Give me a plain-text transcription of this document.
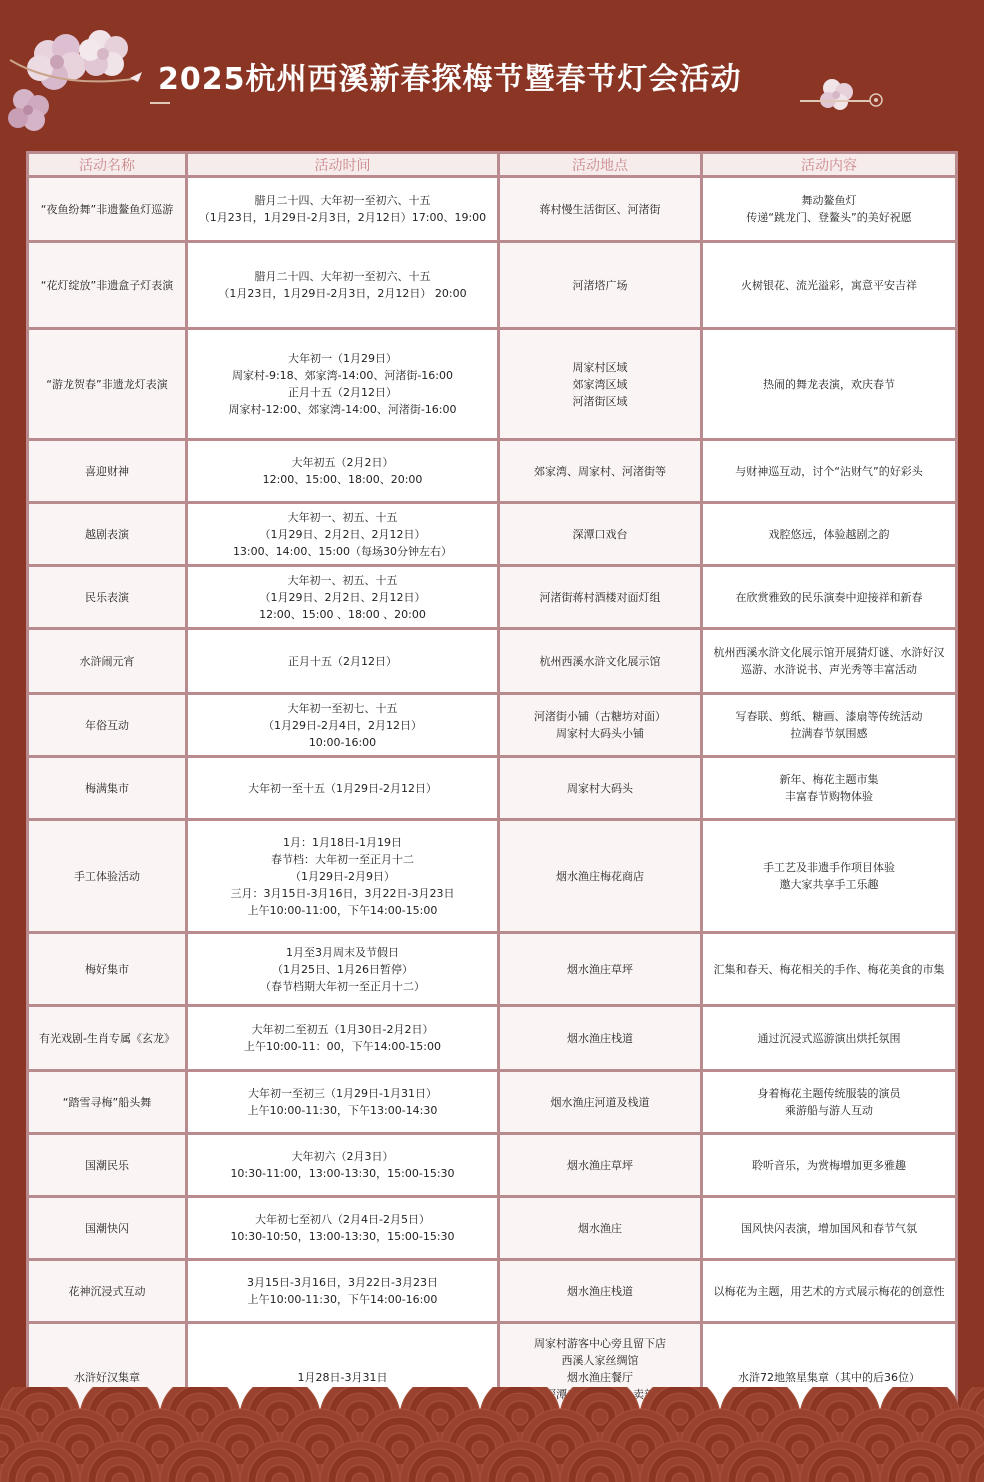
2025杭州西溪新春探梅节暨春节灯会活动
活动名称	活动时间	活动地点	活动内容

“夜鱼纷舞”非遗鳌鱼灯巡游	腊月二十四、大年初一至初六、十五
（1月23日，1月29日-2月3日，2月12日）17:00、19:00	蒋村慢生活街区、河渚街	舞动鳌鱼灯
传递“跳龙门、登鳌头”的美好祝愿

“花灯绽放”非遗盒子灯表演	腊月二十四、大年初一至初六、十五
（1月23日，1月29日-2月3日，2月12日） 20:00	河渚塔广场	火树银花、流光溢彩，寓意平安吉祥

“游龙贺春”非遗龙灯表演	大年初一（1月29日）
周家村-9:18、郊家湾-14:00、河渚街-16:00
正月十五（2月12日）
周家村-12:00、郊家湾-14:00、河渚街-16:00	周家村区域
郊家湾区域
河渚街区域	热闹的舞龙表演，欢庆春节

喜迎财神	大年初五（2月2日）
12:00、15:00、18:00、20:00	郊家湾、周家村、河渚街等	与财神巡互动，讨个“沾财气”的好彩头

越剧表演	大年初一、初五、十五
（1月29日、2月2日、2月12日）
13:00、14:00、15:00（每场30分钟左右）	深潭口戏台	戏腔悠远，体验越剧之韵

民乐表演	大年初一、初五、十五
（1月29日、2月2日、2月12日）
12:00、15:00 、18:00 、20:00	河渚街蒋村酒楼对面灯组	在欣赏雅致的民乐演奏中迎接祥和新春

水浒闹元宵	正月十五（2月12日）	杭州西溪水浒文化展示馆	杭州西溪水浒文化展示馆开展猜灯谜、水浒好汉
巡游、水浒说书、声光秀等丰富活动

年俗互动	大年初一至初七、十五
（1月29日-2月4日，2月12日）
10:00-16:00	河渚街小铺（古糖坊对面）
周家村大码头小铺	写春联、剪纸、糖画、漆扇等传统活动
拉满春节氛围感

梅满集市	大年初一至十五（1月29日-2月12日）	周家村大码头	新年、梅花主题市集
丰富春节购物体验

手工体验活动	1月：1月18日-1月19日
春节档：大年初一至正月十二
（1月29日-2月9日）
三月：3月15日-3月16日，3月22日-3月23日
上午10:00-11:00，下午14:00-15:00	烟水渔庄梅花商店	手工艺及非遗手作项目体验
邀大家共享手工乐趣

梅好集市	1月至3月周末及节假日
（1月25日、1月26日暂停）
（春节档期大年初一至正月十二）	烟水渔庄草坪	汇集和春天、梅花相关的手作、梅花美食的市集

有光戏剧-生肖专属《玄龙》	大年初二至初五（1月30日-2月2日）
上午10:00-11：00，下午14:00-15:00	烟水渔庄栈道	通过沉浸式巡游演出烘托氛围

“踏雪寻梅”船头舞	大年初一至初三（1月29日-1月31日）
上午10:00-11:30，下午13:00-14:30	烟水渔庄河道及栈道	身着梅花主题传统服装的演员
乘游船与游人互动

国潮民乐	大年初六（2月3日）
10:30-11:00，13:00-13:30，15:00-15:30	烟水渔庄草坪	聆听音乐，为赏梅增加更多雅趣

国潮快闪	大年初七至初八（2月4日-2月5日）
10:30-10:50，13:00-13:30，15:00-15:30	烟水渔庄	国风快闪表演，增加国风和春节气氛

花神沉浸式互动	3月15日-3月16日，3月22日-3月23日
上午10:00-11:30，下午14:00-16:00	烟水渔庄栈道	以梅花为主题，用艺术的方式展示梅花的创意性

水浒好汉集章	1月28日-3月31日	周家村游客中心旁且留下店
西溪人家丝绸馆
烟水渔庄餐厅	水浒72地煞星集章（其中的后36位）
